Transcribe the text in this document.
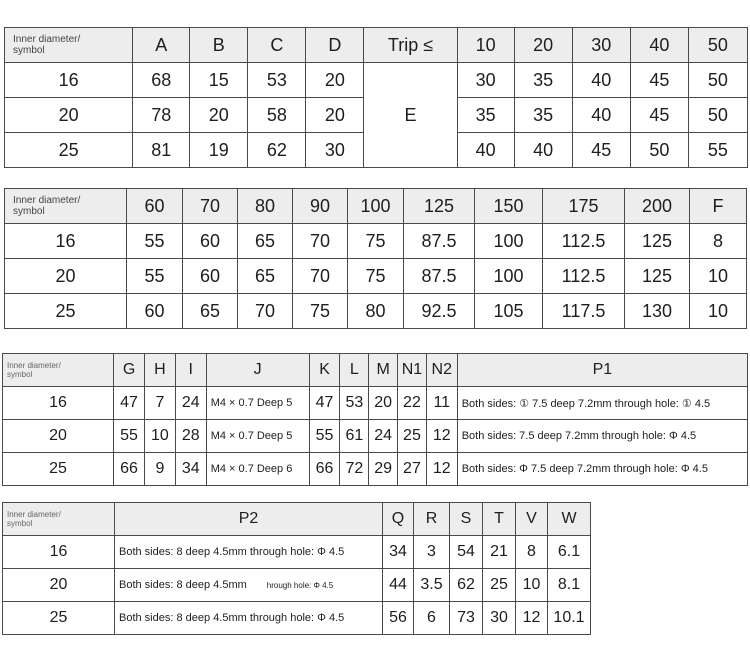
Inner diameter/
symbol	A	B	C	D	Trip ≤	10	20	30	40	50
16	68	15	53	20	E	30	35	40	45	50
20	78	20	58	20		35	35	40	45	50
25	81	19	62	30		40	40	45	50	55
Inner diameter/
symbol	60	70	80	90	100	125	150	175	200	F
16	55	60	65	70	75	87.5	100	112.5	125	8
20	55	60	65	70	75	87.5	100	112.5	125	10
25	60	65	70	75	80	92.5	105	117.5	130	10
Inner diameter/
symbol	G	H	I	J	K	L	M	N1	N2	P1
16	47	7	24	M4 × 0.7 Deep 5	47	53	20	22	11	Both sides: ① 7.5 deep 7.2mm through hole: ① 4.5
20	55	10	28	M4 × 0.7 Deep 5	55	61	24	25	12	Both sides: 7.5 deep 7.2mm through hole: Φ 4.5
25	66	9	34	M4 × 0.7 Deep 6	66	72	29	27	12	Both sides: Φ 7.5 deep 7.2mm through hole: Φ 4.5
Inner diameter/
symbol	P2	Q	R	S	T	V	W
16	Both sides: 8 deep 4.5mm through hole: Φ 4.5	34	3	54	21	8	6.1
20	Both sides: 8 deep 4.5mm hrough hole: Φ 4.5	44	3.5	62	25	10	8.1
25	Both sides: 8 deep 4.5mm through hole: Φ 4.5	56	6	73	30	12	10.1
